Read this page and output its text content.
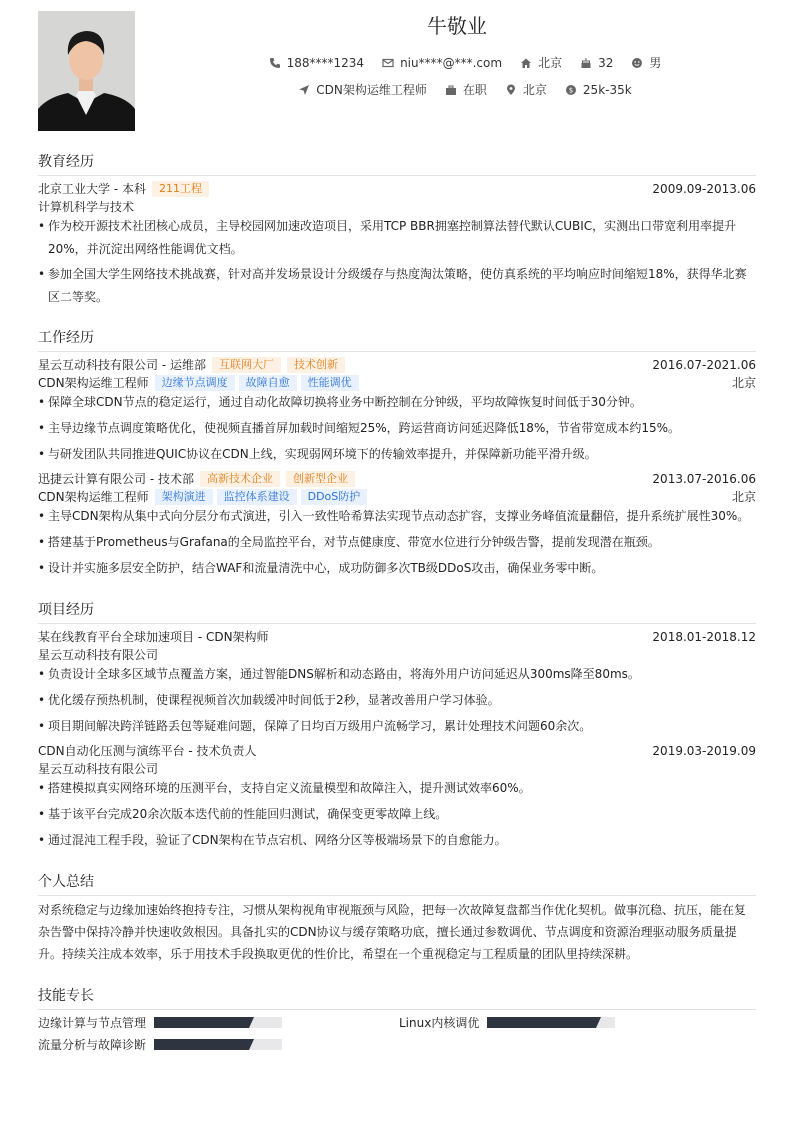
牛敬业
188****1234	niu****@***.com	北京	32	男
CDN架构运维工程师	在职	北京	$ 25k-35k
教育经历
北京工业大学 - 本科	211工程	2009.09-2013.06
计算机科学与技术
• 作为校开源技术社团核心成员，主导校园网加速改造项目，采用TCP BBR拥塞控制算法替代默认CUBIC，实测出口带宽利用率提升20%，并沉淀出网络性能调优文档。
• 参加全国大学生网络技术挑战赛，针对高并发场景设计分级缓存与热度淘汰策略，使仿真系统的平均响应时间缩短18%，获得华北赛区二等奖。
工作经历
星云互动科技有限公司 - 运维部	互联网大厂	技术创新	2016.07-2021.06
CDN架构运维工程师	边缘节点调度	故障自愈	性能调优	北京
• 保障全球CDN节点的稳定运行，通过自动化故障切换将业务中断控制在分钟级，平均故障恢复时间低于30分钟。
• 主导边缘节点调度策略优化，使视频直播首屏加载时间缩短25%，跨运营商访问延迟降低18%，节省带宽成本约15%。
• 与研发团队共同推进QUIC协议在CDN上线，实现弱网环境下的传输效率提升，并保障新功能平滑升级。
迅捷云计算有限公司 - 技术部	高新技术企业	创新型企业	2013.07-2016.06
CDN架构运维工程师	架构演进	监控体系建设	DDoS防护	北京
• 主导CDN架构从集中式向分层分布式演进，引入一致性哈希算法实现节点动态扩容，支撑业务峰值流量翻倍，提升系统扩展性30%。
• 搭建基于Prometheus与Grafana的全局监控平台，对节点健康度、带宽水位进行分钟级告警，提前发现潜在瓶颈。
• 设计并实施多层安全防护，结合WAF和流量清洗中心，成功防御多次TB级DDoS攻击，确保业务零中断。
项目经历
某在线教育平台全球加速项目 - CDN架构师	2018.01-2018.12
星云互动科技有限公司
• 负责设计全球多区域节点覆盖方案，通过智能DNS解析和动态路由，将海外用户访问延迟从300ms降至80ms。
• 优化缓存预热机制，使课程视频首次加载缓冲时间低于2秒，显著改善用户学习体验。
• 项目期间解决跨洋链路丢包等疑难问题，保障了日均百万级用户流畅学习，累计处理技术问题60余次。
CDN自动化压测与演练平台 - 技术负责人	2019.03-2019.09
星云互动科技有限公司
• 搭建模拟真实网络环境的压测平台，支持自定义流量模型和故障注入，提升测试效率60%。
• 基于该平台完成20余次版本迭代前的性能回归测试，确保变更零故障上线。
• 通过混沌工程手段，验证了CDN架构在节点宕机、网络分区等极端场景下的自愈能力。
个人总结
对系统稳定与边缘加速始终抱持专注，习惯从架构视角审视瓶颈与风险，把每一次故障复盘都当作优化契机。做事沉稳、抗压，能在复杂告警中保持冷静并快速收敛根因。具备扎实的CDN协议与缓存策略功底，擅长通过参数调优、节点调度和资源治理驱动服务质量提升。持续关注成本效率，乐于用技术手段换取更优的性价比，希望在一个重视稳定与工程质量的团队里持续深耕。
技能专长
边缘计算与节点管理	Linux内核调优
流量分析与故障诊断
